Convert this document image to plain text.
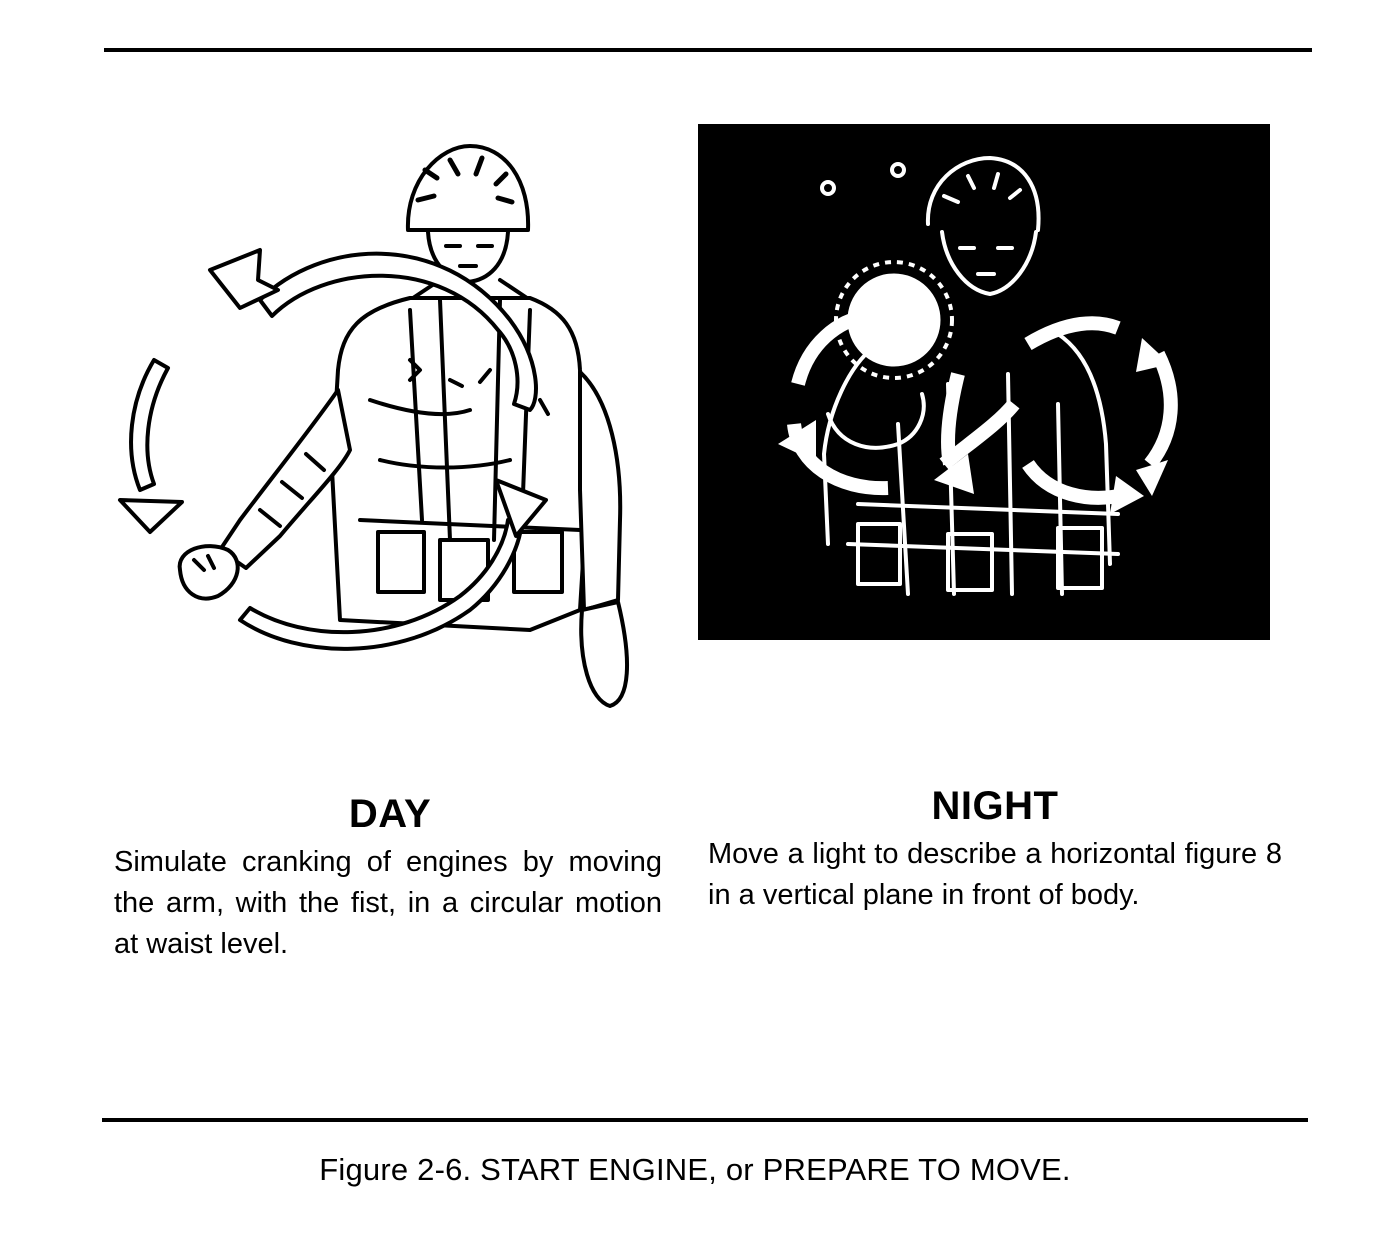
DAY
Simulate cranking of engines by moving the arm, with the fist, in a circular motion at waist level.
NIGHT
Move a light to describe a horizontal figure 8 in a vertical plane in front of body.
Figure 2-6. START ENGINE, or PREPARE TO MOVE.
